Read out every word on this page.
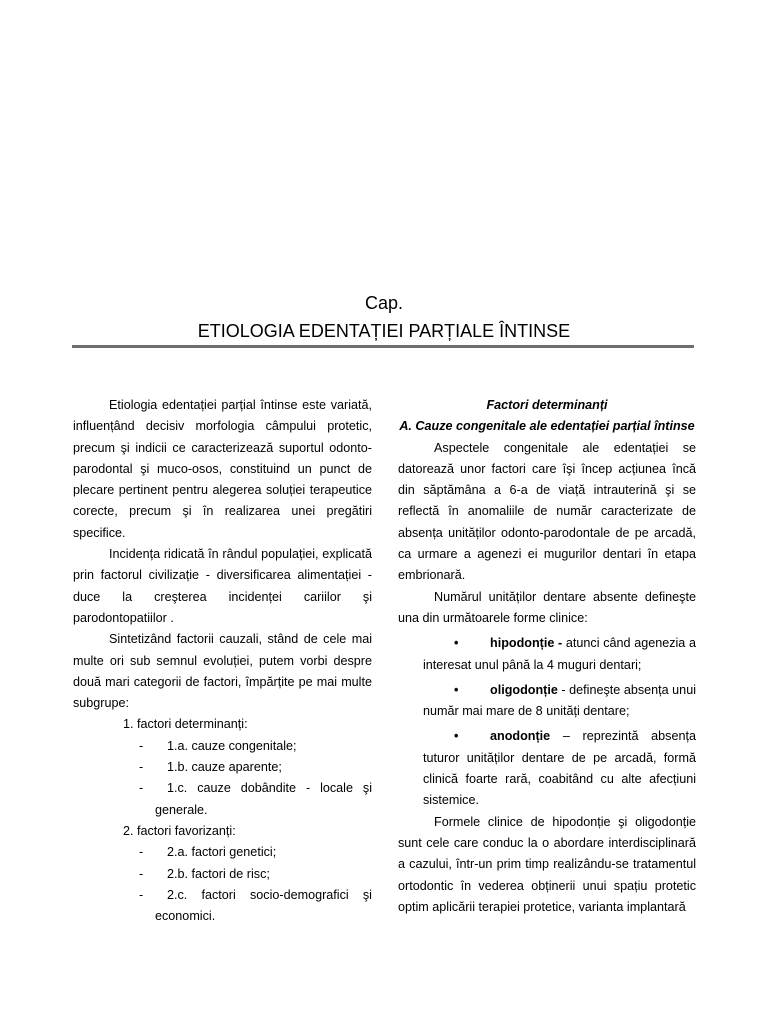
Cap.
ETIOLOGIA EDENTAȚIEI PARȚIALE ÎNTINSE

Etiologia edentației parțial întinse este variată, influențând decisiv morfologia câmpului protetic, precum şi indicii ce caracterizează suportul odonto-parodontal şi muco-osos, constituind un punct de plecare pertinent pentru alegerea soluției terapeutice corecte, precum şi în realizarea unei pregătiri specifice.

Incidența ridicată în rândul populației, explicată prin factorul civilizație - diversificarea alimentației - duce la creşterea incidenței cariilor şi parodontopatiilor .

Sintetizând factorii cauzali, stând de cele mai multe ori sub semnul evoluției, putem vorbi despre două mari categorii de factori, împărțite pe mai multe subgrupe:

1. factori determinanți:
-	1.a. cauze congenitale;
-	1.b. cauze aparente;
-	1.c. cauze dobândite - locale şi generale.
2. factori favorizanți:
-	2.a. factori genetici;
-	2.b. factori de risc;
-	2.c. factori socio-demografici şi economici.
Factori determinanți
A. Cauze congenitale ale edentației parțial întinse

Aspectele congenitale ale edentației se datorează unor factori care îşi încep acțiunea încă din săptămâna a 6-a de viață intrauterină şi se reflectă în anomaliile de număr caracterizate de absența unităților odonto-parodontale de pe arcadă, ca urmare a agenezi ei mugurilor dentari în etapa embrionară.

Numărul unităților dentare absente defineşte una din următoarele forme clinice:

•	hipodonție - atunci când agenezia a interesat unul până la 4 muguri dentari;
•	oligodonție - defineşte absența unui număr mai mare de 8 unități dentare;
•	anodonție – reprezintă absența tuturor unităților dentare de pe arcadă, formă clinică foarte rară, coabitând cu alte afecțiuni sistemice.

Formele clinice de hipodonție şi oligodonție sunt cele care conduc la o abordare interdisciplinară a cazului, într-un prim timp realizându-se tratamentul ortodontic în vederea obținerii unui spațiu protetic optim aplicării terapiei protetice, varianta implantară
